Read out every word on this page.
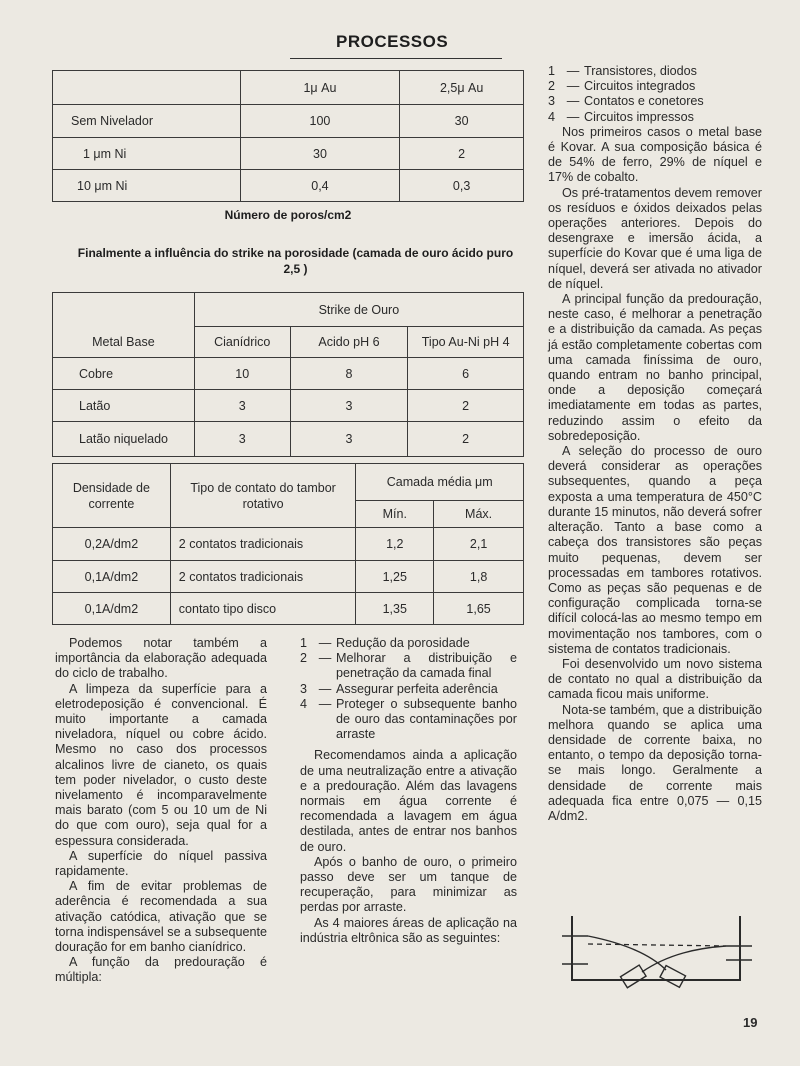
PROCESSOS
	1μ Au	2,5μ Au
Sem Nivelador	100	30
1 μm Ni	30	2
10 μm Ni	0,4	0,3
Número de poros/cm2
Finalmente a influência do strike na porosidade (camada de ouro ácido puro 2,5 )
	Strike de Ouro		
Metal Base	Cianídrico	Acido pH 6	Tipo Au-Ni pH 4
Cobre	10	8	6
Latão	3	3	2
Latão niquelado	3	3	2
Densidade de corrente	Tipo de contato do tambor rotativo	Camada média μm	
		Mín.	Máx.
0,2A/dm2	2 contatos tradicionais	1,2	2,1
0,1A/dm2	2 contatos tradicionais	1,25	1,8
0,1A/dm2	contato tipo disco	1,35	1,65

Podemos notar também a importância da elaboração adequada do ciclo de trabalho.

A limpeza da superfície para a eletrodeposição é convencional. É muito importante a camada niveladora, níquel ou cobre ácido. Mesmo no caso dos processos alcalinos livre de cianeto, os quais tem poder nivelador, o custo deste nivelamento é incomparavelmente mais barato (com 5 ou 10 um de Ni do que com ouro), seja qual for a espessura considerada.

A superfície do níquel passiva rapidamente.

A fim de evitar problemas de aderência é recomendada a sua ativação catódica, ativação que se torna indispensável se a subsequente douração for em banho cianídrico.

A função da predouração é múltipla:

1 — Redução da porosidade
2 — Melhorar a distribuição e penetração da camada final
3 — Assegurar perfeita aderência
4 — Proteger o subsequente banho de ouro das contaminações por arraste

Recomendamos ainda a aplicação de uma neutralização entre a ativação e a predouração. Além das lavagens normais em água corrente é recomendada a lavagem em água destilada, antes de entrar nos banhos de ouro.

Após o banho de ouro, o primeiro passo deve ser um tanque de recuperação, para minimizar as perdas por arraste.

As 4 maiores áreas de aplicação na indústria eltrônica são as seguintes:

1 — Transistores, diodos
2 — Circuitos integrados
3 — Contatos e conetores
4 — Circuitos impressos

Nos primeiros casos o metal base é Kovar. A sua composição básica é de 54% de ferro, 29% de níquel e 17% de cobalto.

Os pré-tratamentos devem remover os resíduos e óxidos deixados pelas operações anteriores. Depois do desengraxe e imersão ácida, a superfície do Kovar que é uma liga de níquel, deverá ser ativada no ativador de níquel.

A principal função da predouração, neste caso, é melhorar a penetração e a distribuição da camada. As peças já estão completamente cobertas com uma camada finíssima de ouro, quando entram no banho principal, onde a deposição começará imediatamente em todas as partes, reduzindo assim o efeito da sobredeposição.

A seleção do processo de ouro deverá considerar as operações subsequentes, quando a peça exposta a uma temperatura de 450°C durante 15 minutos, não deverá sofrer alteração. Tanto a base como a cabeça dos transistores são peças muito pequenas, devem ser processadas em tambores rotativos. Como as peças são pequenas e de configuração complicada torna-se difícil colocá-las ao mesmo tempo em movimentação nos tambores, com o sistema de contatos tradicionais.

Foi desenvolvido um novo sistema de contato no qual a distribuição da camada ficou mais uniforme.

Nota-se também, que a distribuição melhora quando se aplica uma densidade de corrente baixa, no entanto, o tempo da deposição torna-se mais longo. Geralmente a densidade de corrente mais adequada fica entre 0,075 — 0,15 A/dm2.

19
